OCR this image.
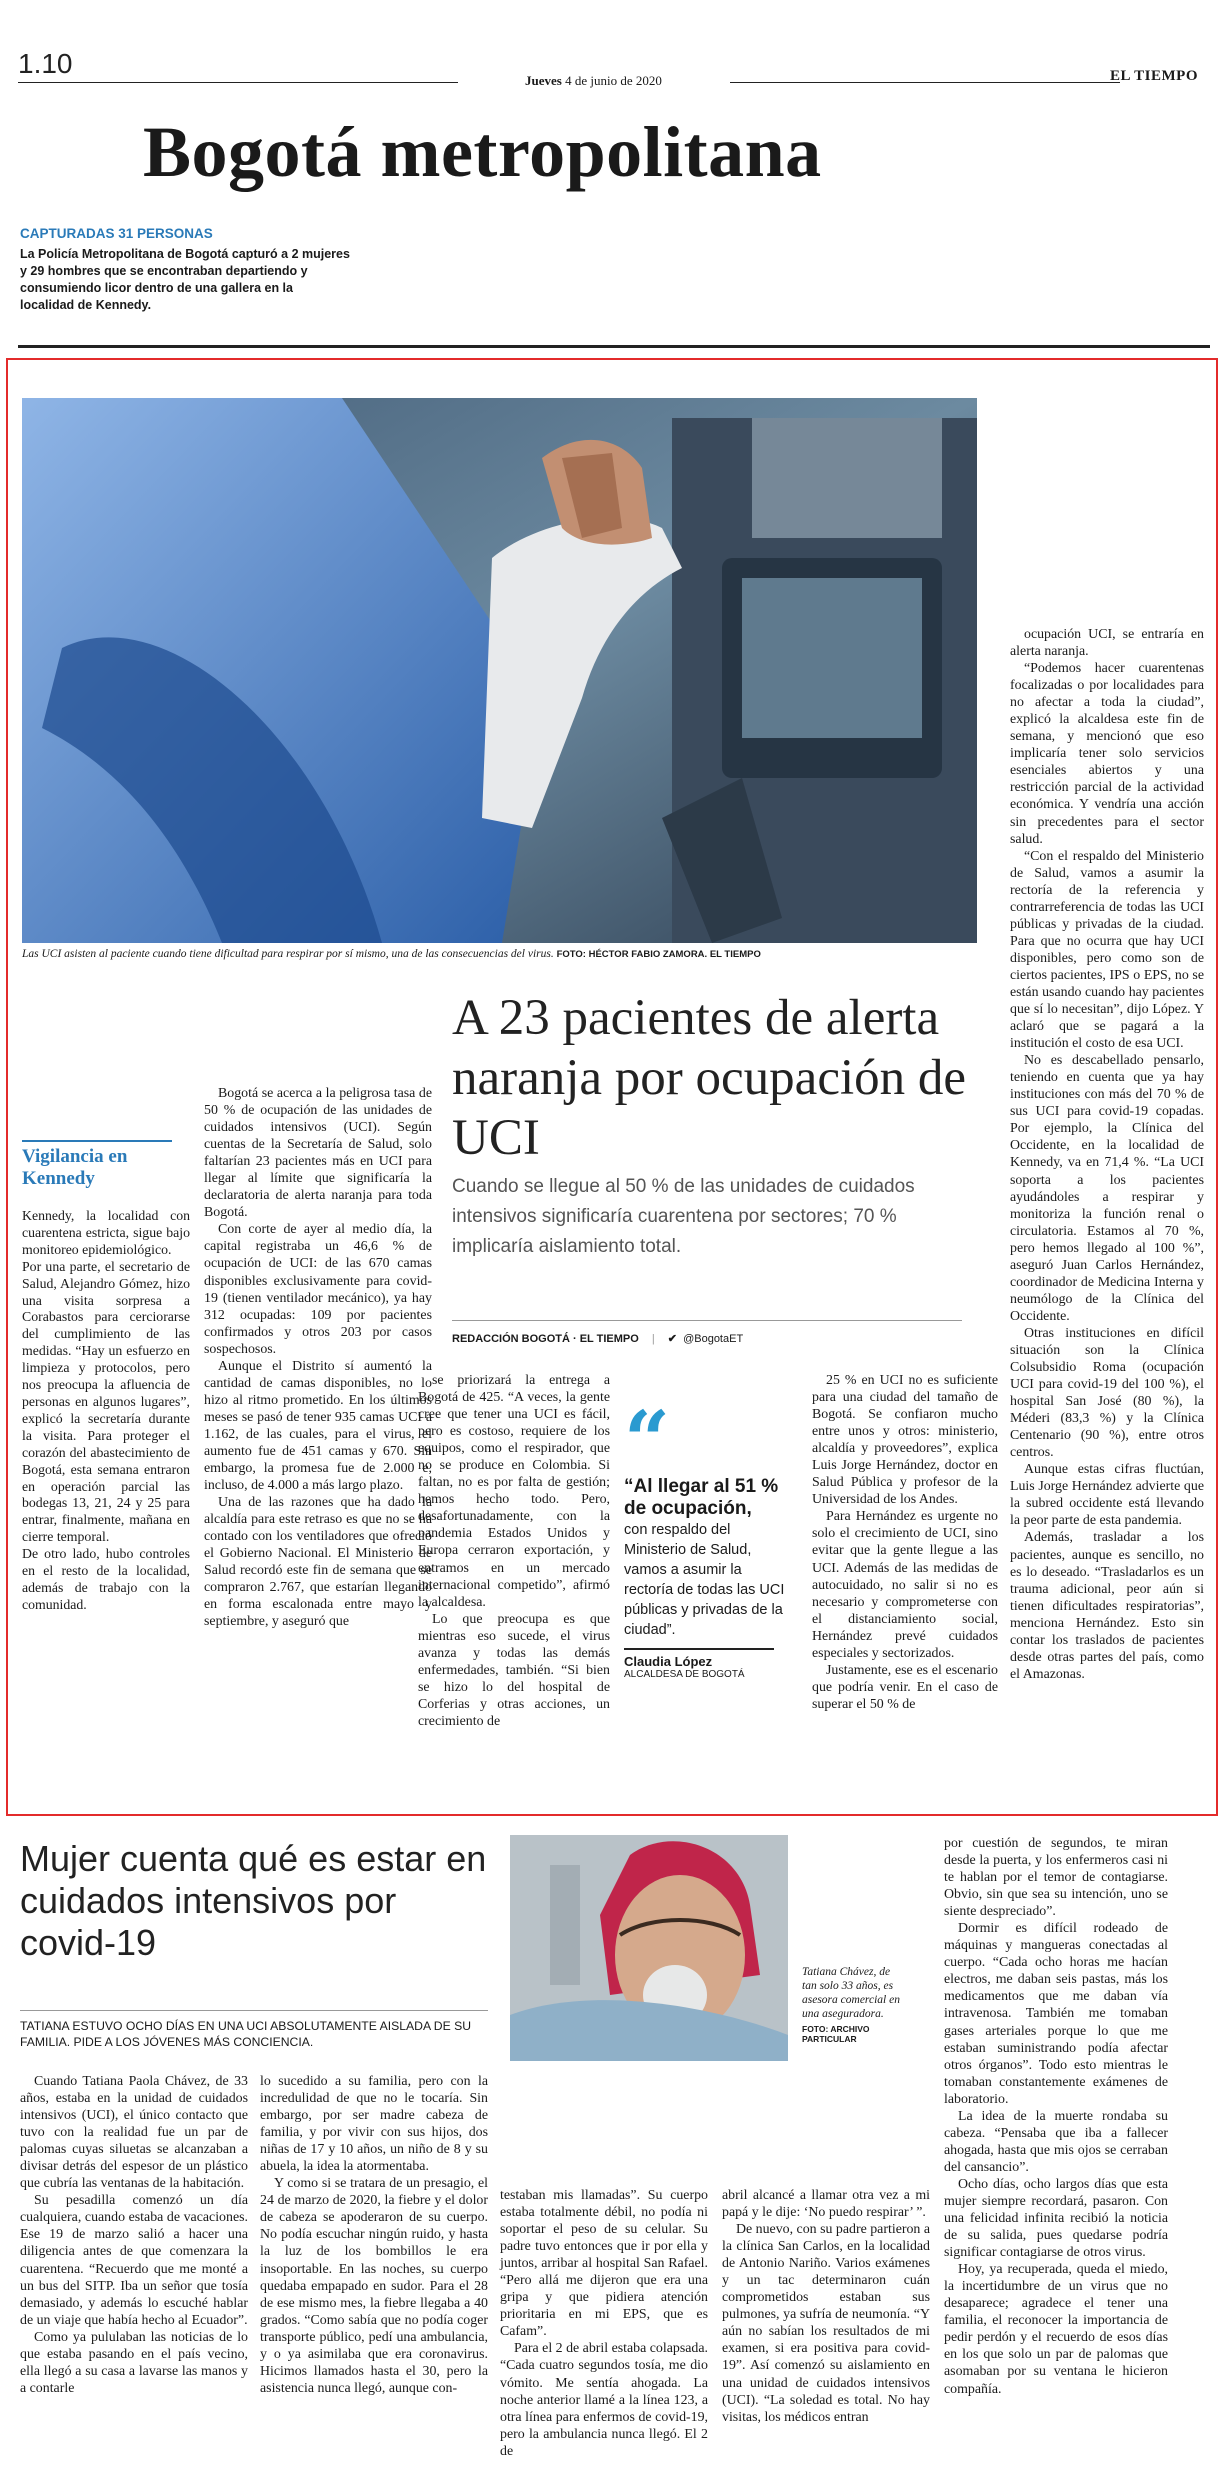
1.10
Jueves 4 de junio de 2020	EL TIEMPO
Bogotá metropolitana
CAPTURADAS 31 PERSONAS
La Policía Metropolitana de Bogotá capturó a 2 mujeres y 29 hombres que se encontraban departiendo y consumiendo licor dentro de una gallera en la localidad de Kennedy.
Las UCI asisten al paciente cuando tiene dificultad para respirar por sí mismo, una de las consecuencias del virus. FOTO: HÉCTOR FABIO ZAMORA. EL TIEMPO
A 23 pacientes de alerta naranja por ocupación de UCI
Cuando se llegue al 50 % de las unidades de cuidados intensivos significaría cuarentena por sectores; 70 % implicaría aislamiento total.
REDACCIÓN BOGOTÁ · EL TIEMPO | ✔ @BogotaET
Vigilancia en Kennedy

Kennedy, la localidad con cuarentena estricta, sigue bajo monitoreo epidemiológico.

Por una parte, el secretario de Salud, Alejandro Gómez, hizo una visita sorpresa a Corabastos para cerciorarse del cumplimiento de las medidas. “Hay un esfuerzo en limpieza y protocolos, pero nos preocupa la afluencia de personas en algunos lugares”, explicó la secretaría durante la visita. Para proteger el corazón del abastecimiento de Bogotá, esta semana entraron en operación parcial las bodegas 13, 21, 24 y 25 para entrar, finalmente, mañana en cierre temporal.

De otro lado, hubo controles en el resto de la localidad, además de trabajo con la comunidad.

Bogotá se acerca a la peligrosa tasa de 50 % de ocupación de las unidades de cuidados intensivos (UCI). Según cuentas de la Secretaría de Salud, solo faltarían 23 pacientes más en UCI para llegar al límite que significaría la declaratoria de alerta naranja para toda Bogotá.

Con corte de ayer al medio día, la capital registraba un 46,6 % de ocupación de UCI: de las 670 camas disponibles exclusivamente para covid-19 (tienen ventilador mecánico), ya hay 312 ocupadas: 109 por pacientes confirmados y otros 203 por casos sospechosos.

Aunque el Distrito sí aumentó la cantidad de camas disponibles, no lo hizo al ritmo prometido. En los últimos meses se pasó de tener 935 camas UCI a 1.162, de las cuales, para el virus, el aumento fue de 451 camas y 670. Sin embargo, la promesa fue de 2.000 e, incluso, de 4.000 a más largo plazo.

Una de las razones que ha dado la alcaldía para este retraso es que no se ha contado con los ventiladores que ofreció el Gobierno Nacional. El Ministerio de Salud recordó este fin de semana que se compraron 2.767, que estarían llegando en forma escalonada entre mayo y septiembre, y aseguró que

se priorizará la entrega a Bogotá de 425. “A veces, la gente cree que tener una UCI es fácil, pero es costoso, requiere de los equipos, como el respirador, que no se produce en Colombia. Si faltan, no es por falta de gestión; hemos hecho todo. Pero, desafortunadamente, con la pandemia Estados Unidos y Europa cerraron exportación, y entramos en un mercado internacional competido”, afirmó la alcaldesa.

Lo que preocupa es que mientras eso sucede, el virus avanza y todas las demás enfermedades, también. “Si bien se hizo lo del hospital de Corferias y otras acciones, un crecimiento de

“
“Al llegar al 51 % de ocupación,
con respaldo del Ministerio de Salud, vamos a asumir la rectoría de todas las UCI públicas y privadas de la ciudad”.
Claudia López
ALCALDESA DE BOGOTÁ

25 % en UCI no es suficiente para una ciudad del tamaño de Bogotá. Se confiaron mucho entre unos y otros: ministerio, alcaldía y proveedores”, explica Luis Jorge Hernández, doctor en Salud Pública y profesor de la Universidad de los Andes.

Para Hernández es urgente no solo el crecimiento de UCI, sino evitar que la gente llegue a las UCI. Además de las medidas de autocuidado, no salir si no es necesario y comprometerse con el distanciamiento social, Hernández prevé cuidados especiales y sectorizados.

Justamente, ese es el escenario que podría venir. En el caso de superar el 50 % de

ocupación UCI, se entraría en alerta naranja.

“Podemos hacer cuarentenas focalizadas o por localidades para no afectar a toda la ciudad”, explicó la alcaldesa este fin de semana, y mencionó que eso implicaría tener solo servicios esenciales abiertos y una restricción parcial de la actividad económica. Y vendría una acción sin precedentes para el sector salud.

“Con el respaldo del Ministerio de Salud, vamos a asumir la rectoría de la referencia y contrarreferencia de todas las UCI públicas y privadas de la ciudad. Para que no ocurra que hay UCI disponibles, pero como son de ciertos pacientes, IPS o EPS, no se están usando cuando hay pacientes que sí lo necesitan”, dijo López. Y aclaró que se pagará a la institución el costo de esa UCI.

No es descabellado pensarlo, teniendo en cuenta que ya hay instituciones con más del 70 % de sus UCI para covid-19 copadas. Por ejemplo, la Clínica del Occidente, en la localidad de Kennedy, va en 71,4 %. “La UCI soporta a los pacientes ayudándoles a respirar y monitoriza la función renal o circulatoria. Estamos al 70 %, pero hemos llegado al 100 %”, aseguró Juan Carlos Hernández, coordinador de Medicina Interna y neumólogo de la Clínica del Occidente.

Otras instituciones en difícil situación son la Clínica Colsubsidio Roma (ocupación UCI para covid-19 del 100 %), el hospital San José (80 %), la Méderi (83,3 %) y la Clínica Centenario (90 %), entre otros centros.

Aunque estas cifras fluctúan, Luis Jorge Hernández advierte que la subred occidente está llevando la peor parte de esta pandemia.

Además, trasladar a los pacientes, aunque es sencillo, no es lo deseado. “Trasladarlos es un trauma adicional, peor aún si tienen dificultades respiratorias”, menciona Hernández. Esto sin contar los traslados de pacientes desde otras partes del país, como el Amazonas.

Mujer cuenta qué es estar en cuidados intensivos por covid-19
TATIANA ESTUVO OCHO DÍAS EN UNA UCI ABSOLUTAMENTE AISLADA DE SU FAMILIA. PIDE A LOS JÓVENES MÁS CONCIENCIA.
Tatiana Chávez, de tan solo 33 años, es asesora comercial en una aseguradora.
FOTO: ARCHIVO PARTICULAR

Cuando Tatiana Paola Chávez, de 33 años, estaba en la unidad de cuidados intensivos (UCI), el único contacto que tuvo con la realidad fue un par de palomas cuyas siluetas se alcanzaban a divisar detrás del espesor de un plástico que cubría las ventanas de la habitación.

Su pesadilla comenzó un día cualquiera, cuando estaba de vacaciones. Ese 19 de marzo salió a hacer una diligencia antes de que comenzara la cuarentena. “Recuerdo que me monté a un bus del SITP. Iba un señor que tosía demasiado, y además lo escuché hablar de un viaje que había hecho al Ecuador”.

Como ya pululaban las noticias de lo que estaba pasando en el país vecino, ella llegó a su casa a lavarse las manos y a contarle

lo sucedido a su familia, pero con la incredulidad de que no le tocaría. Sin embargo, por ser madre cabeza de familia, y por vivir con sus hijos, dos niñas de 17 y 10 años, un niño de 8 y su abuela, la idea la atormentaba.

Y como si se tratara de un presagio, el 24 de marzo de 2020, la fiebre y el dolor de cabeza se apoderaron de su cuerpo. No podía escuchar ningún ruido, y hasta la luz de los bombillos le era insoportable. En las noches, su cuerpo quedaba empapado en sudor. Para el 28 de ese mismo mes, la fiebre llegaba a 40 grados. “Como sabía que no podía coger transporte público, pedí una ambulancia, y o ya asimilaba que era coronavirus. Hicimos llamados hasta el 30, pero la asistencia nunca llegó, aunque con-

testaban mis llamadas”. Su cuerpo estaba totalmente débil, no podía ni soportar el peso de su celular. Su padre tuvo entonces que ir por ella y juntos, arribar al hospital San Rafael. “Pero allá me dijeron que era una gripa y que pidiera atención prioritaria en mi EPS, que es Cafam”.

Para el 2 de abril estaba colapsada. “Cada cuatro segundos tosía, me dio vómito. Me sentía ahogada. La noche anterior llamé a la línea 123, a otra línea para enfermos de covid-19, pero la ambulancia nunca llegó. El 2 de

abril alcancé a llamar otra vez a mi papá y le dije: ‘No puedo respirar’ ”.

De nuevo, con su padre partieron a la clínica San Carlos, en la localidad de Antonio Nariño. Varios exámenes y un tac determinaron cuán comprometidos estaban sus pulmones, ya sufría de neumonía. “Y aún no sabían los resultados de mi examen, si era positiva para covid-19”. Así comenzó su aislamiento en una unidad de cuidados intensivos (UCI). “La soledad es total. No hay visitas, los médicos entran

por cuestión de segundos, te miran desde la puerta, y los enfermeros casi ni te hablan por el temor de contagiarse. Obvio, sin que sea su intención, uno se siente despreciado”.

Dormir es difícil rodeado de máquinas y mangueras conectadas al cuerpo. “Cada ocho horas me hacían electros, me daban seis pastas, más los medicamentos que me daban vía intravenosa. También me tomaban gases arteriales porque lo que me estaban suministrando podía afectar otros órganos”. Todo esto mientras le tomaban constantemente exámenes de laboratorio.

La idea de la muerte rondaba su cabeza. “Pensaba que iba a fallecer ahogada, hasta que mis ojos se cerraban del cansancio”.

Ocho días, ocho largos días que esta mujer siempre recordará, pasaron. Con una felicidad infinita recibió la noticia de su salida, pues quedarse podría significar contagiarse de otros virus.

Hoy, ya recuperada, queda el miedo, la incertidumbre de un virus que no desaparece; agradece el tener una familia, el reconocer la importancia de pedir perdón y el recuerdo de esos días en los que solo un par de palomas que asomaban por su ventana le hicieron compañía.
